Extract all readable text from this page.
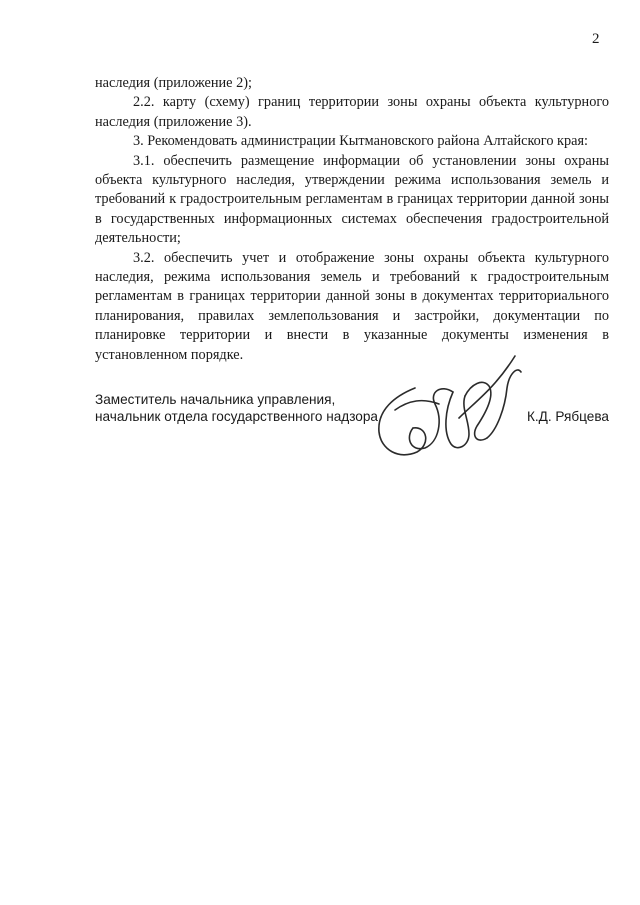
2

наследия (приложение 2);

2.2. карту (схему) границ территории зоны охраны объекта культурного наследия (приложение 3).

3. Рекомендовать администрации Кытмановского района Алтайского края:

3.1. обеспечить размещение информации об установлении зоны охраны объекта культурного наследия, утверждении режима использования земель и требований к градостроительным регламентам в границах территории данной зоны в государственных информационных системах обеспечения градостроительной деятельности;

3.2. обеспечить учет и отображение зоны охраны объекта культурного наследия, режима использования земель и требований к градостроительным регламентам в границах территории данной зоны в документах территориального планирования, правилах землепользования и застройки, документации по планировке территории и внести в указанные документы изменения в установленном порядке.

Заместитель начальника управления,
начальник отдела государственного надзора	К.Д. Рябцева
